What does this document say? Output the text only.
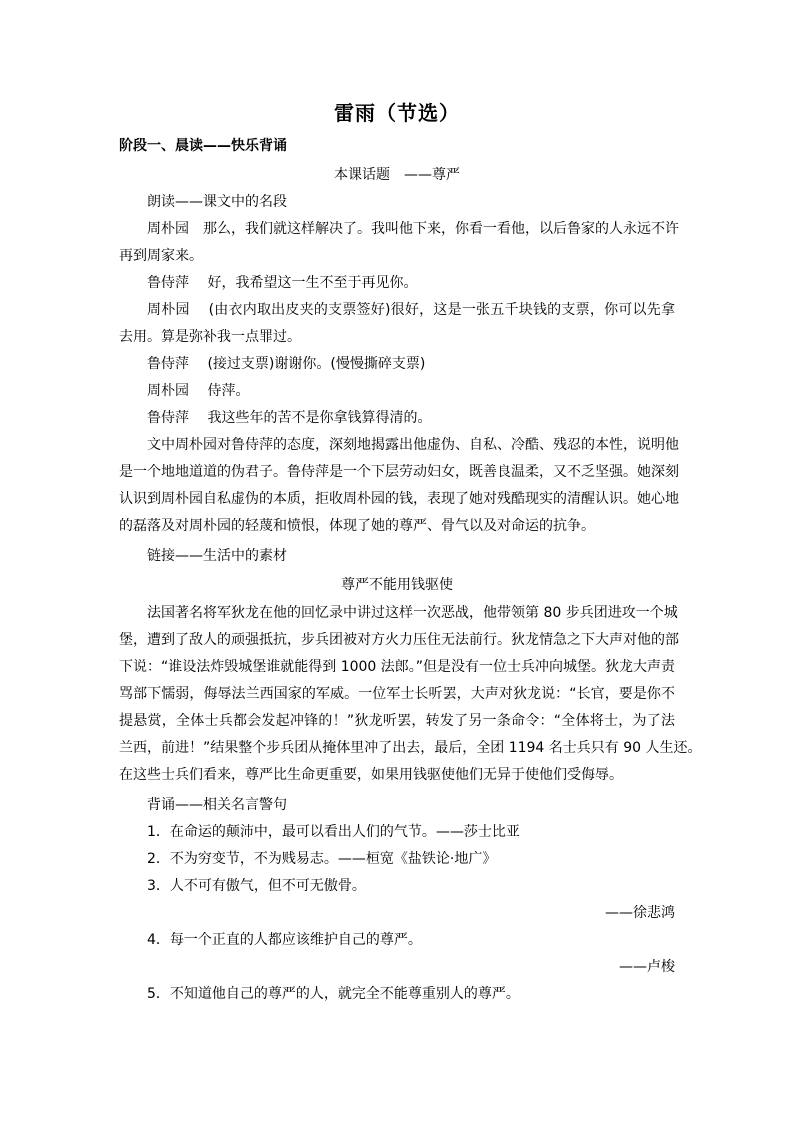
雷雨（节选）
阶段一、晨读——快乐背诵
本课话题　——尊严
朗读——课文中的名段
周朴园　那么，我们就这样解决了。我叫他下来，你看一看他，以后鲁家的人永远不许
再到周家来。
鲁侍萍　 好，我希望这一生不至于再见你。
周朴园　 (由衣内取出皮夹的支票签好)很好，这是一张五千块钱的支票，你可以先拿
去用。算是弥补我一点罪过。
鲁侍萍　 (接过支票)谢谢你。(慢慢撕碎支票)
周朴园　 侍萍。
鲁侍萍　 我这些年的苦不是你拿钱算得清的。
文中周朴园对鲁侍萍的态度，深刻地揭露出他虚伪、自私、冷酷、残忍的本性，说明他
是一个地地道道的伪君子。鲁侍萍是一个下层劳动妇女，既善良温柔，又不乏坚强。她深刻
认识到周朴园自私虚伪的本质，拒收周朴园的钱，表现了她对残酷现实的清醒认识。她心地
的磊落及对周朴园的轻蔑和愤恨，体现了她的尊严、骨气以及对命运的抗争。
链接——生活中的素材
尊严不能用钱驱使
法国著名将军狄龙在他的回忆录中讲过这样一次恶战，他带领第 80 步兵团进攻一个城
堡，遭到了敌人的顽强抵抗，步兵团被对方火力压住无法前行。狄龙情急之下大声对他的部
下说：“谁设法炸毁城堡谁就能得到 1000 法郎。”但是没有一位士兵冲向城堡。狄龙大声责
骂部下懦弱，侮辱法兰西国家的军威。一位军士长听罢，大声对狄龙说：“长官，要是你不
提悬赏，全体士兵都会发起冲锋的！”狄龙听罢，转发了另一条命令：“全体将士，为了法
兰西，前进！”结果整个步兵团从掩体里冲了出去，最后，全团 1194 名士兵只有 90 人生还。
在这些士兵们看来，尊严比生命更重要，如果用钱驱使他们无异于使他们受侮辱。
背诵——相关名言警句
1．在命运的颠沛中，最可以看出人们的气节。——莎士比亚
2．不为穷变节，不为贱易志。——桓宽《盐铁论·地广》
3．人不可有傲气，但不可无傲骨。
——徐悲鸿
4．每一个正直的人都应该维护自己的尊严。
——卢梭
5．不知道他自己的尊严的人，就完全不能尊重别人的尊严。
